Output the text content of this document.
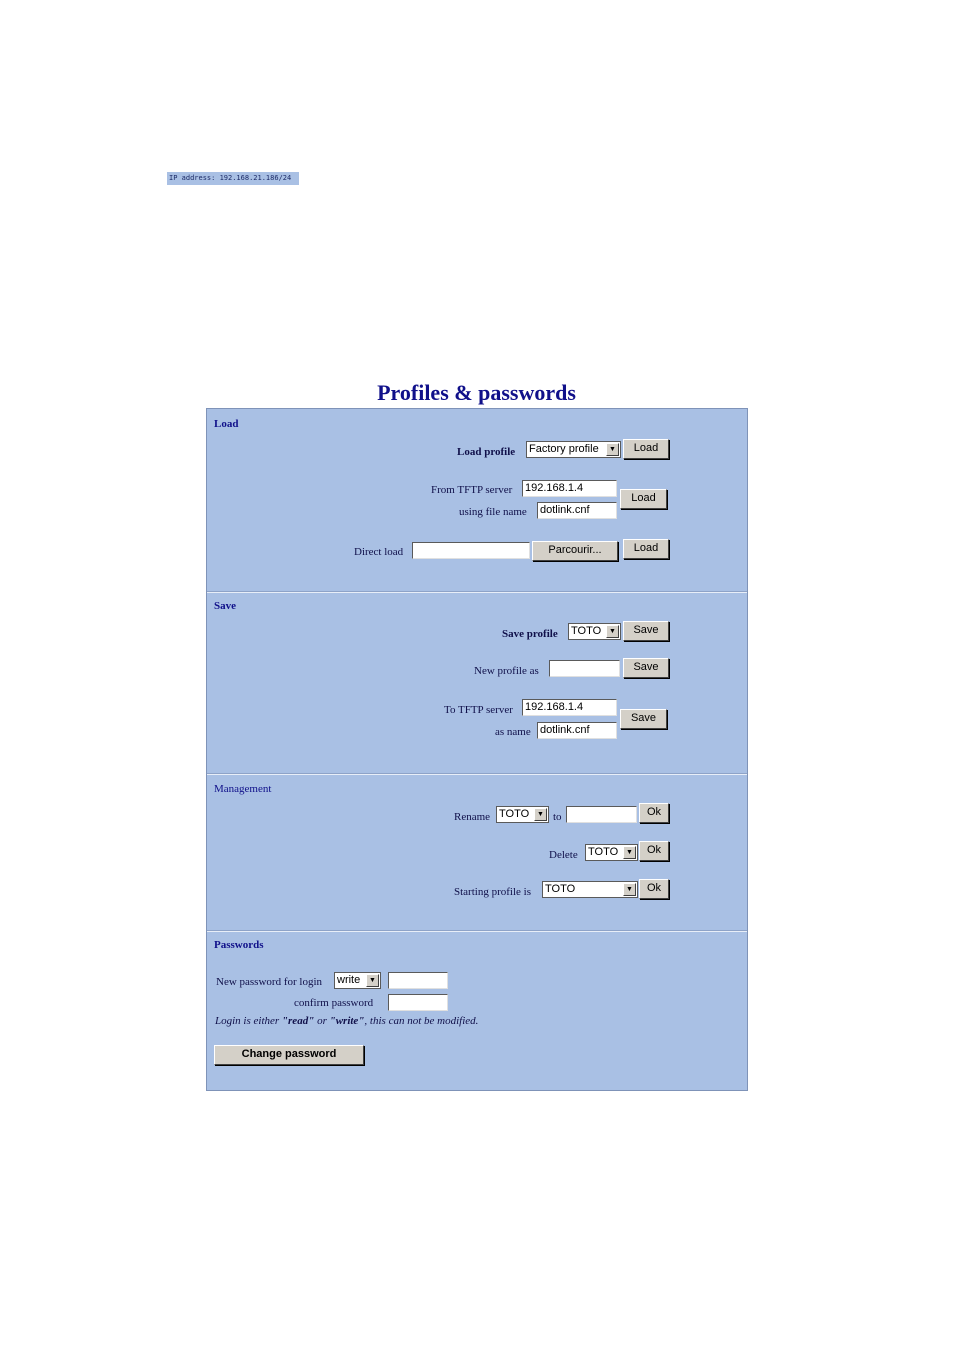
IP address: 192.168.21.186/24
Profiles & passwords
Load
Load profile Factory profile	▼	Load
From TFTP server 192.168.1.4
using file name dotlink.cnf
Load
Direct load	Parcourir...	Load
Save
Save profile TOTO	▼	Save
New profile as	Save
To TFTP server 192.168.1.4
as name dotlink.cnf
Save
Management
Rename TOTO	▼ to	Ok
Delete TOTO	▼	Ok
Starting profile is TOTO	▼	Ok
Passwords
New password for login write	▼
confirm password
Login is either "read" or "write", this can not be modified.
Change password
